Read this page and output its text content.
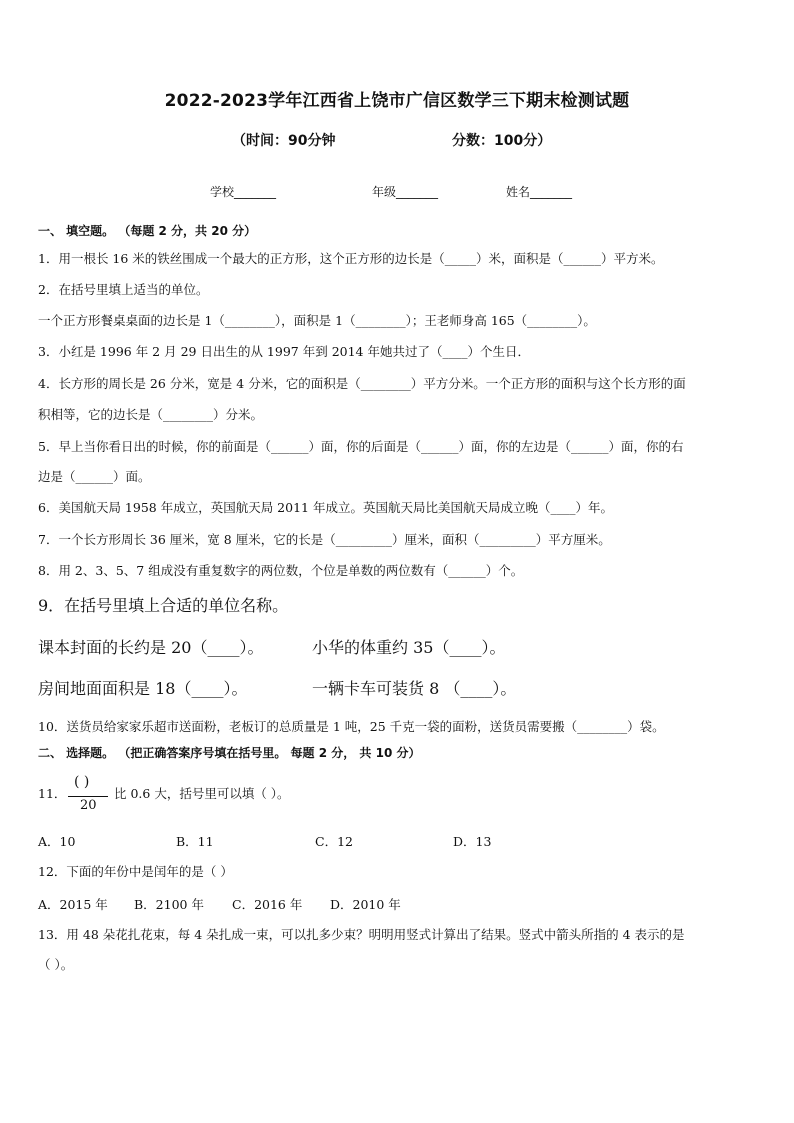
2022-2023学年江西省上饶市广信区数学三下期末检测试题
（时间：90分钟	分数：100分）
学校_______	年级_______	姓名_______
一、 填空题。 （每题 2 分，共 20 分）
1．用一根长 16 米的铁丝围成一个最大的正方形，这个正方形的边长是（_____）米，面积是（______）平方米。
2．在括号里填上适当的单位。
一个正方形餐桌桌面的边长是 1（________），面积是 1（________）；王老师身高 165（________）。
3．小红是 1996 年 2 月 29 日出生的从 1997 年到 2014 年她共过了（____）个生日．
4．长方形的周长是 26 分米，宽是 4 分米，它的面积是（________）平方分米。一个正方形的面积与这个长方形的面
积相等，它的边长是（________）分米。
5．早上当你看日出的时候，你的前面是（______）面，你的后面是（______）面，你的左边是（______）面，你的右
边是（______）面。
6．美国航天局 1958 年成立，英国航天局 2011 年成立。英国航天局比美国航天局成立晚（____）年。
7．一个长方形周长 36 厘米，宽 8 厘米，它的长是（_________）厘米，面积（_________）平方厘米。
8．用 2、3、5、7 组成没有重复数字的两位数，个位是单数的两位数有（______）个。
9．在括号里填上合适的单位名称。
课本封面的长约是 20（____）。	小华的体重约 35（____）。
房间地面面积是 18（____）。	一辆卡车可装货 8 （____）。
10．送货员给家家乐超市送面粉，老板订的总质量是 1 吨，25 千克一袋的面粉，送货员需要搬（________）袋。
二、 选择题。 （把正确答案序号填在括号里。 每题 2 分， 共 10 分）
11．
( )
20
比 0.6 大，括号里可以填（ ）。
A．10	B．11	C．12	D．13
12．下面的年份中是闰年的是（ ）
A．2015 年 B．2100 年 C．2016 年 D．2010 年
13．用 48 朵花扎花束，每 4 朵扎成一束，可以扎多少束？明明用竖式计算出了结果。竖式中箭头所指的 4 表示的是
（ ）。
